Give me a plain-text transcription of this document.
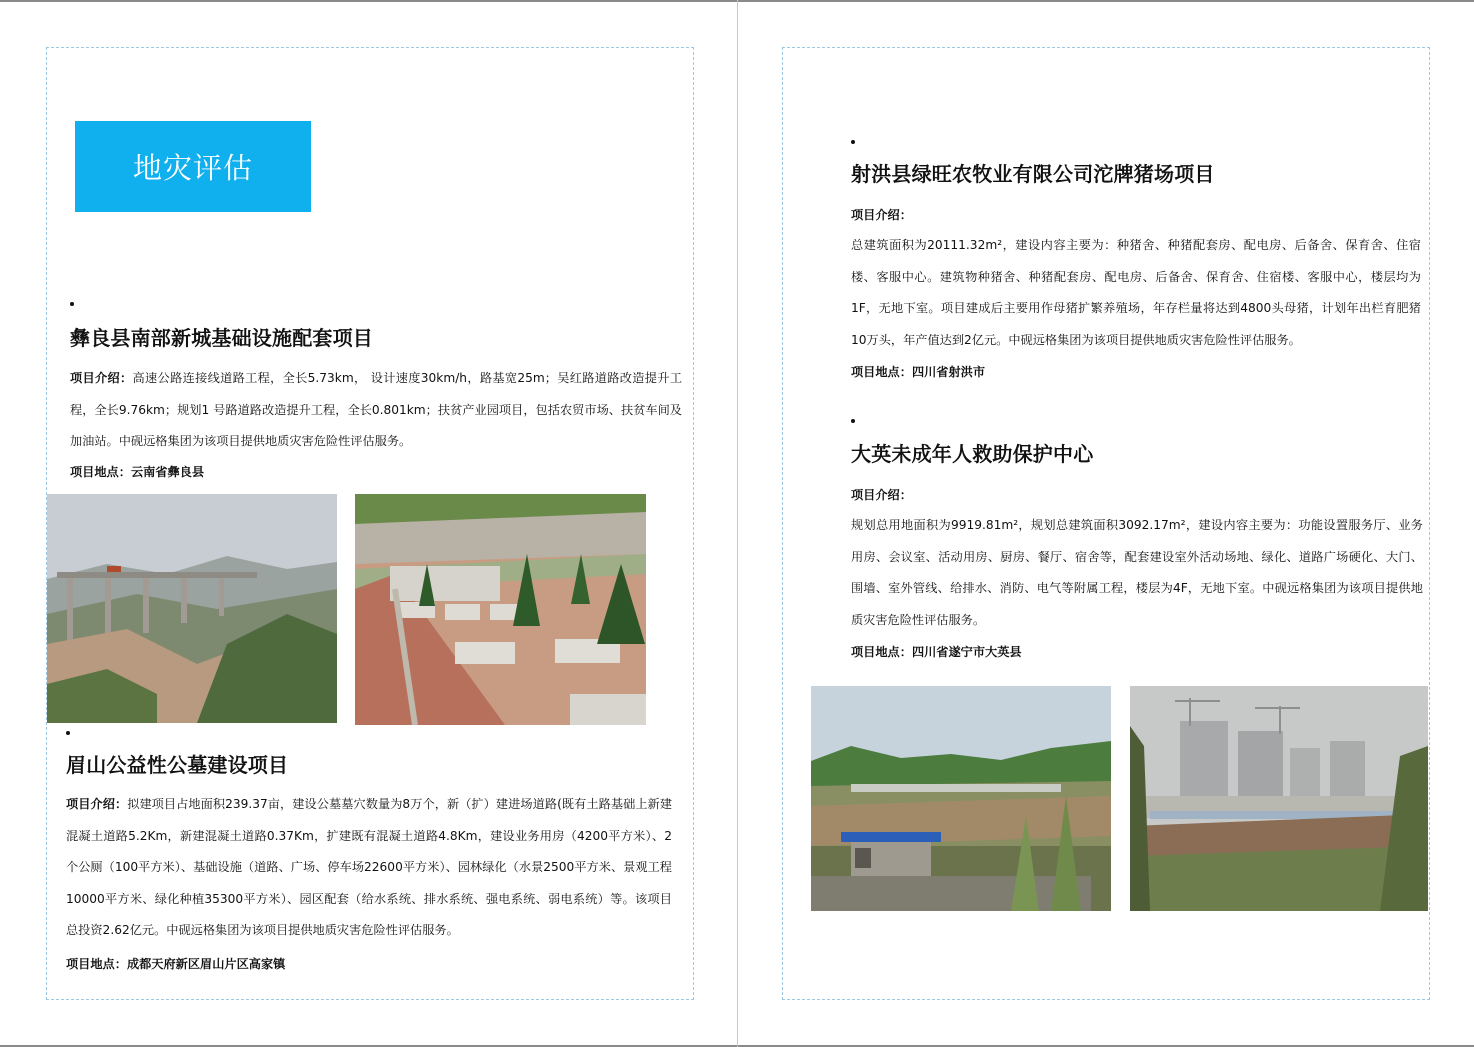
地灾评估
彝良县南部新城基础设施配套项目
项目介绍：高速公路连接线道路工程，全长5.73km， 设计速度30km/h，路基宽25m；吴红路道路改造提升工程，全长9.76km；规划1 号路道路改造提升工程，全长0.801km；扶贫产业园项目，包括农贸市场、扶贫车间及加油站。中砚远格集团为该项目提供地质灾害危险性评估服务。
项目地点：云南省彝良县
眉山公益性公墓建设项目
项目介绍：拟建项目占地面积239.37亩，建设公墓墓穴数量为8万个，新（扩）建进场道路(既有土路基础上新建混凝土道路5.2Km，新建混凝土道路0.37Km，扩建既有混凝土道路4.8Km，建设业务用房（4200平方米）、2个公厕（100平方米）、基础设施（道路、广场、停车场22600平方米）、园林绿化（水景2500平方米、景观工程10000平方米、绿化种植35300平方米）、园区配套（给水系统、排水系统、强电系统、弱电系统）等。该项目总投资2.62亿元。中砚远格集团为该项目提供地质灾害危险性评估服务。
项目地点：成都天府新区眉山片区高家镇
射洪县绿旺农牧业有限公司沱牌猪场项目
项目介绍：
总建筑面积为20111.32m²，建设内容主要为：种猪舍、种猪配套房、配电房、后备舍、保育舍、住宿楼、客服中心。建筑物种猪舍、种猪配套房、配电房、后备舍、保育舍、住宿楼、客服中心，楼层均为1F，无地下室。项目建成后主要用作母猪扩繁养殖场，年存栏量将达到4800头母猪，计划年出栏育肥猪10万头，年产值达到2亿元。中砚远格集团为该项目提供地质灾害危险性评估服务。
项目地点：四川省射洪市
大英未成年人救助保护中心
项目介绍：
规划总用地面积为9919.81m²，规划总建筑面积3092.17m²，建设内容主要为：功能设置服务厅、业务用房、会议室、活动用房、厨房、餐厅、宿舍等，配套建设室外活动场地、绿化、道路广场硬化、大门、围墙、室外管线、给排水、消防、电气等附属工程，楼层为4F，无地下室。中砚远格集团为该项目提供地质灾害危险性评估服务。
项目地点：四川省遂宁市大英县
